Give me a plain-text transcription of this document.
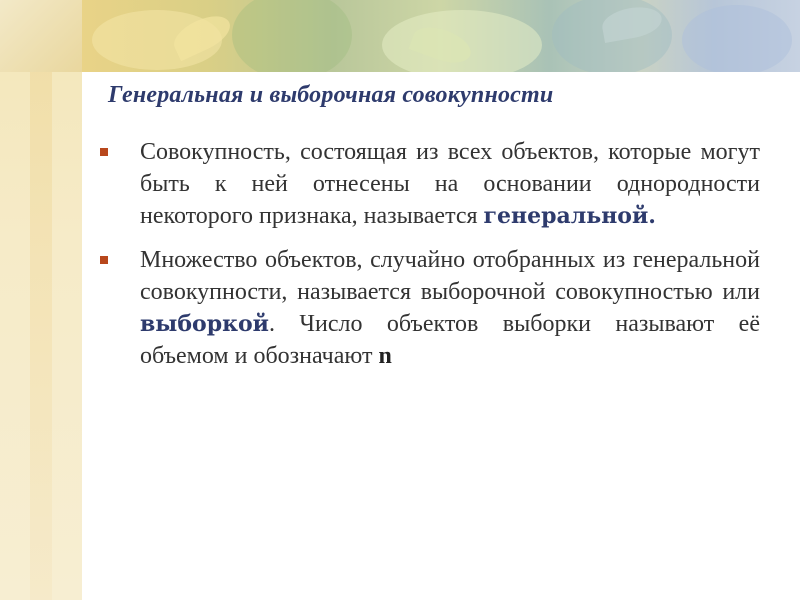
Генеральная и выборочная совокупности
Совокупность, состоящая из всех объектов, которые могут быть к ней отнесены на основании однородности некоторого признака, называется генеральной.
Множество объектов, случайно отобранных из генеральной совокупности, называется выборочной совокупностью или выборкой. Число объектов выборки называют её объемом и обозначают n
